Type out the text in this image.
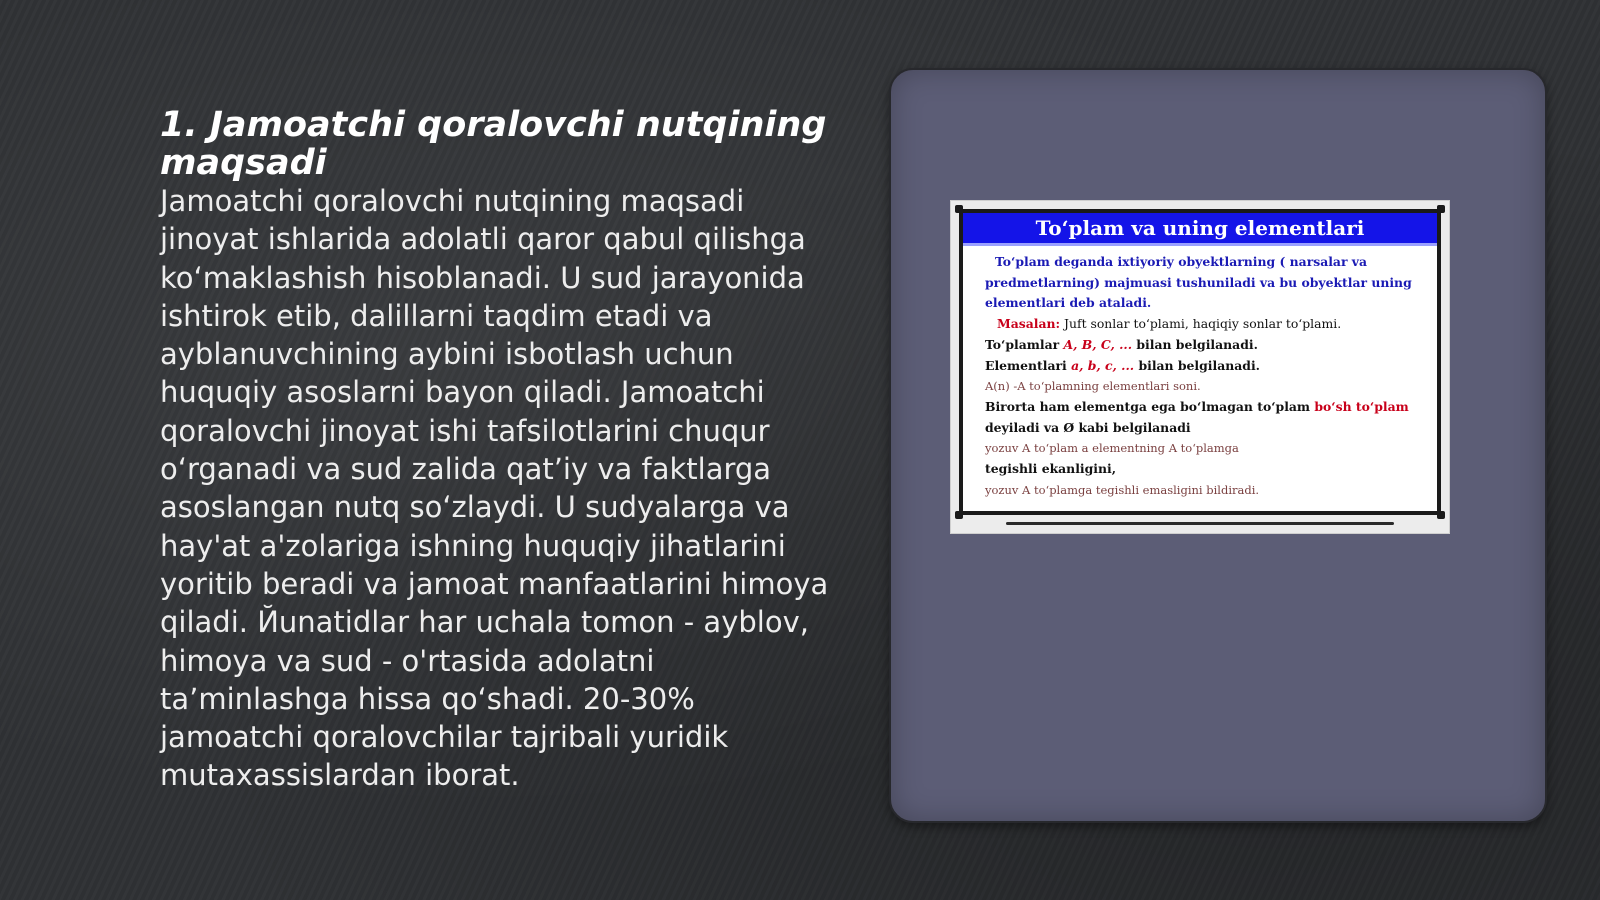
1. Jamoatchi qoralovchi nutqining maqsadi

Jamoatchi qoralovchi nutqining maqsadi jinoyat ishlarida adolatli qaror qabul qilishga ko‘maklashish hisoblanadi. U sud jarayonida ishtirok etib, dalillarni taqdim etadi va ayblanuvchining aybini isbotlash uchun huquqiy asoslarni bayon qiladi. Jamoatchi qoralovchi jinoyat ishi tafsilotlarini chuqur o‘rganadi va sud zalida qat’iy va faktlarga asoslangan nutq so‘zlaydi. U sudyalarga va hay'at a'zolariga ishning huquqiy jihatlarini yoritib beradi va jamoat manfaatlarini himoya qiladi. Йunatidlar har uchala tomon - ayblov, himoya va sud - o'rtasida adolatni ta’minlashga hissa qo‘shadi. 20-30% jamoatchi qoralovchilar tajribali yuridik mutaxassislardan iborat.

To‘plam va uning elementlari

To‘plam deganda ixtiyoriy obyektlarning ( narsalar va predmetlarning) majmuasi tushuniladi va bu obyektlar uning elementlari deb ataladi.

Masalan: Juft sonlar to‘plami, haqiqiy sonlar to‘plami.

To‘plamlar A, B, C, ... bilan belgilanadi.

Elementlari a, b, c, ... bilan belgilanadi.

A(n) -A to‘plamning elementlari soni.

Birorta ham elementga ega bo‘lmagan to‘plam bo‘sh to‘plam deyiladi va Ø kabi belgilanadi

yozuv A to‘plam a elementning A to‘plamga

tegishli ekanligini,

yozuv A to‘plamga tegishli emasligini bildiradi.
